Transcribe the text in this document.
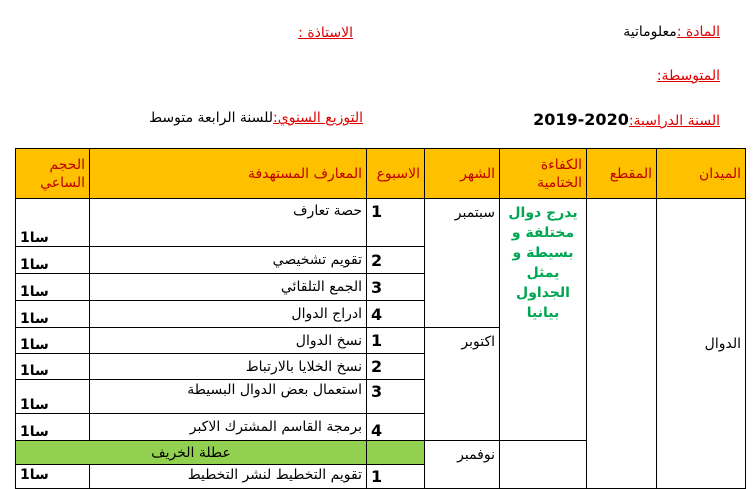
المادة :معلوماتية
الاستاذة :
المتوسطة:
السنة الدراسية:2019-2020
التوزيع السنوي:للسنة الرابعة متوسط
الحجم الساعي	المعارف المستهدفة	الاسبوع	الشهر	الكفاءة الختامية	المقطع	الميدان
1سا	حصة تعارف	1	سبتمبر	يدرج دوال مختلفة و بسيطة و يمثل الجداول بيانيا		الدوال
1سا	تقويم تشخيصي	2				
1سا	الجمع التلقائي	3				
1سا	ادراج الدوال	4				
1سا	نسخ الدوال	1	اكتوبر			
1سا	نسخ الخلايا بالارتباط	2				
1سا	استعمال بعض الدوال البسيطة	3				
1سا	برمجة القاسم المشترك الاكبر	4				
عطلة الخريف			نوفمبر			
1سا	تقويم التخطيط لنشر التخطيط	1				
